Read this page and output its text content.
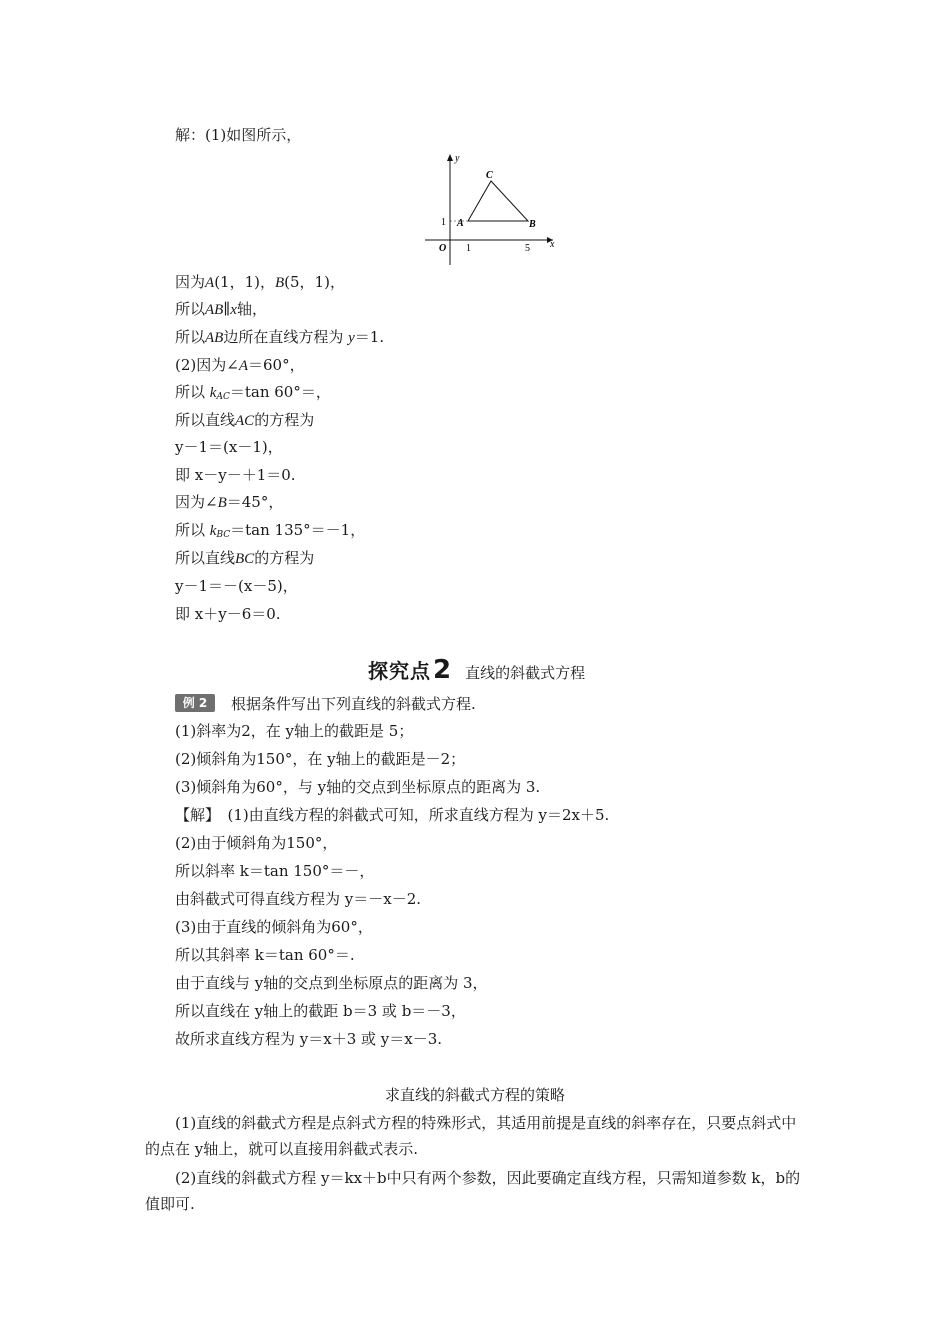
解：(1)如图所示，
y
x
O 1	5
1 A	B
C
因为A(1，1)，B(5，1)，
所以AB∥x轴，
所以AB边所在直线方程为 y＝1.
(2)因为∠A＝60°，
所以 $k_{AC}=\tan$ 60°＝，
所以直线AC的方程为
y－1＝(x－1)，
即 x－y－＋1＝0.
因为∠B＝45°，
所以 $k_{BC}=\tan$ 135°＝－1，
所以直线BC的方程为
y－1＝－(x－5)，
即 x＋y－6＝0.
探究点2 直线的斜截式方程
例 2	根据条件写出下列直线的斜截式方程.
(1)斜率为2，在 y轴上的截距是 5；
(2)倾斜角为150°，在 y轴上的截距是－2；
(3)倾斜角为60°，与 y轴的交点到坐标原点的距离为 3.
【解】　(1)由直线方程的斜截式可知，所求直线方程为 y＝2x＋5.
(2)由于倾斜角为150°，
所以斜率 k＝tan 150°＝－，
由斜截式可得直线方程为 y＝－x－2.
(3)由于直线的倾斜角为60°，
所以其斜率 k＝tan 60°＝.
由于直线与 y轴的交点到坐标原点的距离为 3，
所以直线在 y轴上的截距 b＝3 或 b＝－3，
故所求直线方程为 y＝x＋3 或 y＝x－3.
求直线的斜截式方程的策略
(1)直线的斜截式方程是点斜式方程的特殊形式，其适用前提是直线的斜率存在，只要点斜式中的点在 y轴上，就可以直接用斜截式表示.
(2)直线的斜截式方程 y＝kx＋b中只有两个参数，因此要确定直线方程，只需知道参数 k，b的值即可.
